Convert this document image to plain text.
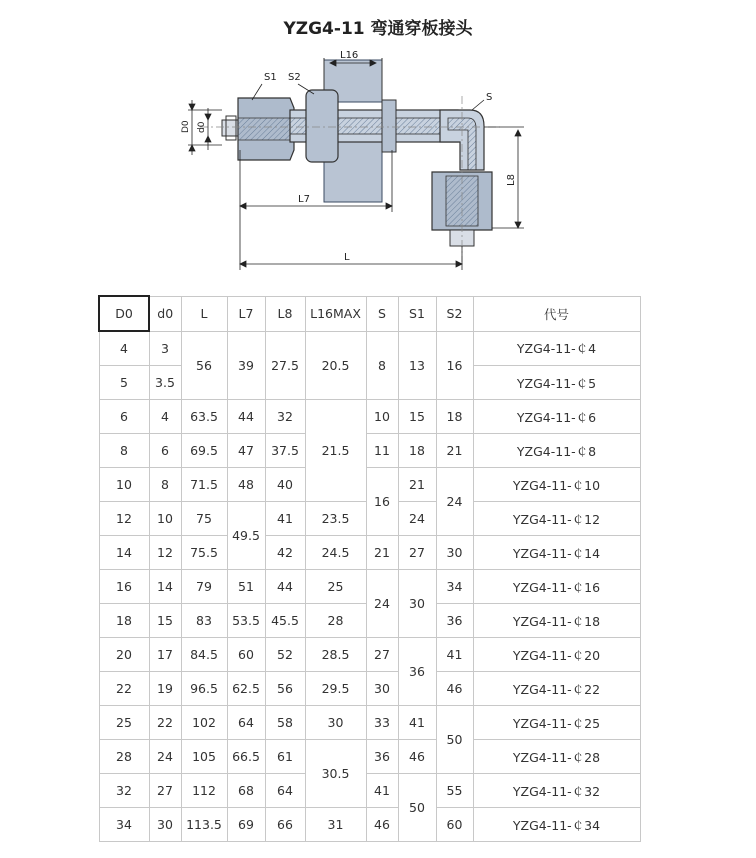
YZG4-11 弯通穿板接头
L16
S1 S2
S
D0 d0
L7
L8
L
D0	d0	L	L7	L8	L16MAX	S	S1	S2	代号
4	3	56	39	27.5	20.5	8	13	16	YZG4-11-￠4
5	3.5								YZG4-11-￠5
6	4	63.5	44	32	21.5	10	15	18	YZG4-11-￠6
8	6	69.5	47	37.5		11	18	21	YZG4-11-￠8
10	8	71.5	48	40		16	21	24	YZG4-11-￠10
12	10	75	49.5	41	23.5		24		YZG4-11-￠12
14	12	75.5		42	24.5	21	27	30	YZG4-11-￠14
16	14	79	51	44	25	24	30	34	YZG4-11-￠16
18	15	83	53.5	45.5	28			36	YZG4-11-￠18
20	17	84.5	60	52	28.5	27	36	41	YZG4-11-￠20
22	19	96.5	62.5	56	29.5	30		46	YZG4-11-￠22
25	22	102	64	58	30	33	41	50	YZG4-11-￠25
28	24	105	66.5	61	30.5	36	46		YZG4-11-￠28
32	27	112	68	64		41	50	55	YZG4-11-￠32
34	30	113.5	69	66	31	46		60	YZG4-11-￠34
